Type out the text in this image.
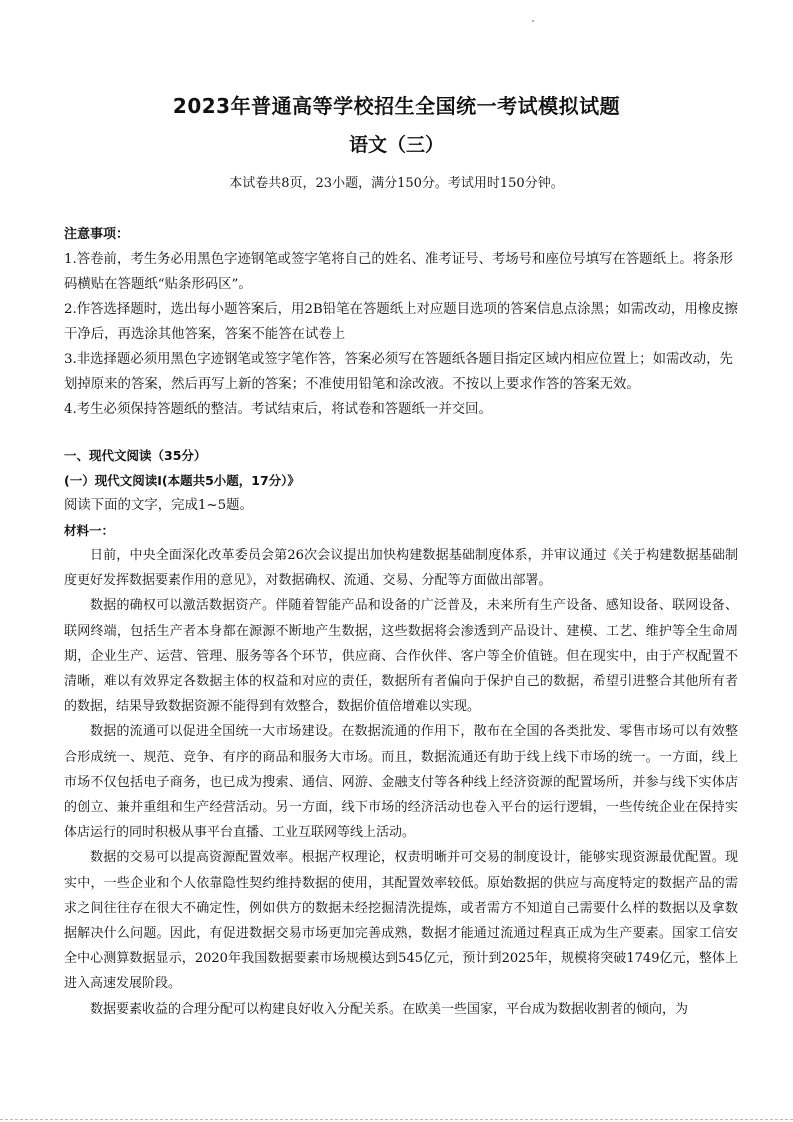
2023年普通高等学校招生全国统一考试模拟试题
语文（三）
本试卷共8页，23小题，满分150分。考试用时150分钟。

注意事项：

1.答卷前，考生务必用黑色字迹钢笔或签字笔将自己的姓名、准考证号、考场号和座位号填写在答题纸上。将条形码横贴在答题纸“贴条形码区”。

2.作答选择题时，选出每小题答案后，用2B铅笔在答题纸上对应题目选项的答案信息点涂黑；如需改动，用橡皮擦干净后，再选涂其他答案，答案不能答在试卷上

3.非选择题必须用黑色字迹钢笔或签字笔作答，答案必须写在答题纸各题目指定区域内相应位置上；如需改动，先划掉原来的答案，然后再写上新的答案；不准使用铅笔和涂改液。不按以上要求作答的答案无效。

4.考生必须保持答题纸的整洁。考试结束后，将试卷和答题纸一并交回。

一、现代文阅读（35分）
(一）现代文阅读Ⅰ(本题共5小题，17分）》
阅读下面的文字，完成1~5题。
材料一：

日前，中央全面深化改革委员会第26次会议提出加快构建数据基础制度体系，并审议通过《关于构建数据基础制度更好发挥数据要素作用的意见》，对数据确权、流通、交易、分配等方面做出部署。

数据的确权可以激活数据资产。伴随着智能产品和设备的广泛普及，未来所有生产设备、感知设备、联网设备、联网终端，包括生产者本身都在源源不断地产生数据，这些数据将会渗透到产品设计、建模、工艺、维护等全生命周期，企业生产、运营、管理、服务等各个环节，供应商、合作伙伴、客户等全价值链。但在现实中，由于产权配置不清晰，难以有效界定各数据主体的权益和对应的责任，数据所有者偏向于保护自己的数据，希望引进整合其他所有者的数据，结果导致数据资源不能得到有效整合，数据价值倍增难以实现。

数据的流通可以促进全国统一大市场建设。在数据流通的作用下，散布在全国的各类批发、零售市场可以有效整合形成统一、规范、竞争、有序的商品和服务大市场。而且，数据流通还有助于线上线下市场的统一。一方面，线上市场不仅包括电子商务，也已成为搜索、通信、网游、金融支付等各种线上经济资源的配置场所，并参与线下实体店的创立、兼并重组和生产经营活动。另一方面，线下市场的经济活动也卷入平台的运行逻辑，一些传统企业在保持实体店运行的同时积极从事平台直播、工业互联网等线上活动。

数据的交易可以提高资源配置效率。根据产权理论，权责明晰并可交易的制度设计，能够实现资源最优配置。现实中，一些企业和个人依靠隐性契约维持数据的使用，其配置效率较低。原始数据的供应与高度特定的数据产品的需求之间往往存在很大不确定性，例如供方的数据未经挖掘清洗提炼，或者需方不知道自己需要什么样的数据以及拿数据解决什么问题。因此，有促进数据交易市场更加完善成熟，数据才能通过流通过程真正成为生产要素。国家工信安全中心测算数据显示，2020年我国数据要素市场规模达到545亿元，预计到2025年，规模将突破1749亿元，整体上进入高速发展阶段。

数据要素收益的合理分配可以构建良好收入分配关系。在欧美一些国家，平台成为数据收割者的倾向，为
